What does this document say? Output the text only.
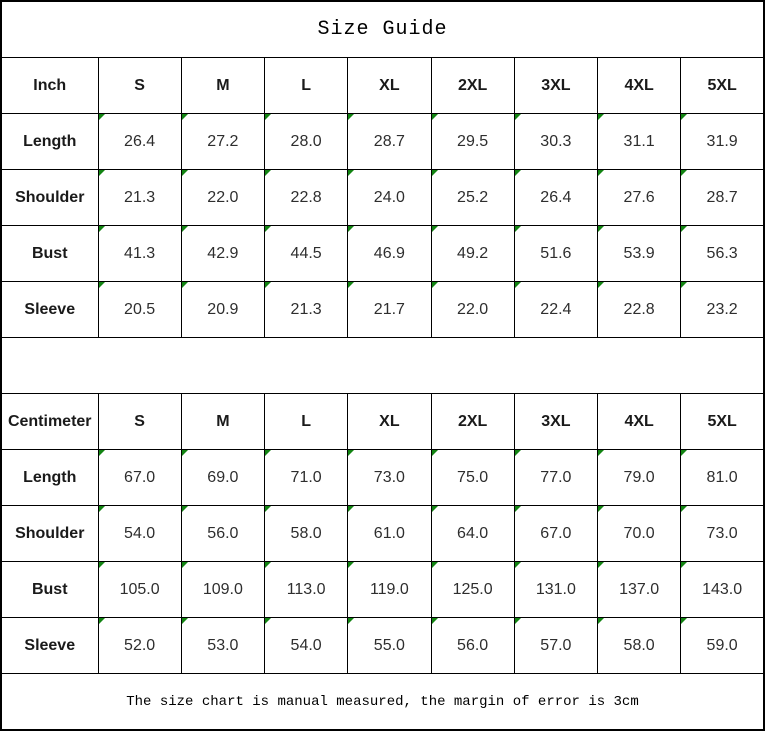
Size Guide								
Inch	S	M	L	XL	2XL	3XL	4XL	5XL
Length	26.4	27.2	28.0	28.7	29.5	30.3	31.1	31.9
Shoulder	21.3	22.0	22.8	24.0	25.2	26.4	27.6	28.7
Bust	41.3	42.9	44.5	46.9	49.2	51.6	53.9	56.3
Sleeve	20.5	20.9	21.3	21.7	22.0	22.4	22.8	23.2

Centimeter	S	M	L	XL	2XL	3XL	4XL	5XL
Length	67.0	69.0	71.0	73.0	75.0	77.0	79.0	81.0
Shoulder	54.0	56.0	58.0	61.0	64.0	67.0	70.0	73.0
Bust	105.0	109.0	113.0	119.0	125.0	131.0	137.0	143.0
Sleeve	52.0	53.0	54.0	55.0	56.0	57.0	58.0	59.0
The size chart is manual measured, the margin of error is 3cm								
